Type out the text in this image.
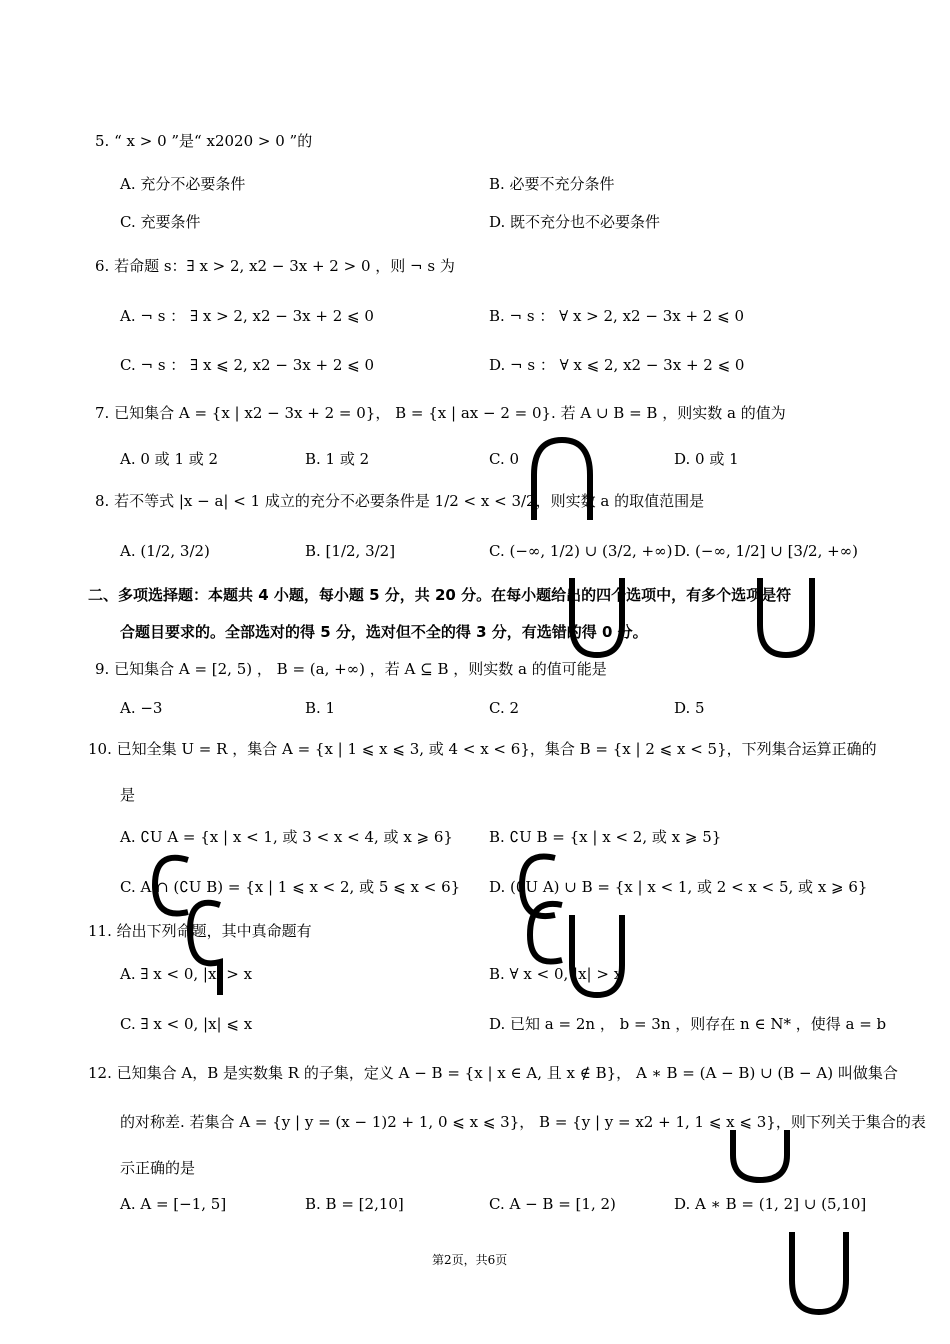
5. “ x > 0 ”是“ x2020 > 0 ”的
A. 充分不必要条件	B. 必要不充分条件
C. 充要条件	D. 既不充分也不必要条件
6. 若命题 s：∃ x > 2, x2 − 3x + 2 > 0 ，则 ¬ s 为
A. ¬ s ： ∃ x > 2, x2 − 3x + 2 ⩽ 0	B. ¬ s ： ∀ x > 2, x2 − 3x + 2 ⩽ 0
C. ¬ s ： ∃ x ⩽ 2, x2 − 3x + 2 ⩽ 0	D. ¬ s ： ∀ x ⩽ 2, x2 − 3x + 2 ⩽ 0
7. 已知集合 A = {x | x2 − 3x + 2 = 0}， B = {x | ax − 2 = 0}. 若 A ∪ B = B ，则实数 a 的值为
A. 0 或 1 或 2	B. 1 或 2	C. 0	D. 0 或 1
8. 若不等式 |x − a| < 1 成立的充分不必要条件是 1/2 < x < 3/2，则实数 a 的取值范围是
A. (1/2, 3/2)	B. [1/2, 3/2]	C. (−∞, 1/2) ∪ (3/2, +∞) D. (−∞, 1/2] ∪ [3/2, +∞)
二、多项选择题：本题共 4 小题，每小题 5 分，共 20 分。在每小题给出的四个选项中，有多个选项是符
合题目要求的。全部选对的得 5 分，选对但不全的得 3 分，有选错的得 0 分。
9. 已知集合 A = [2, 5) ， B = (a, +∞) ，若 A ⊆ B ，则实数 a 的值可能是
A. −3	B. 1	C. 2	D. 5
10. 已知全集 U = R ，集合 A = {x | 1 ⩽ x ⩽ 3, 或 4 < x < 6}，集合 B = {x | 2 ⩽ x < 5}，下列集合运算正确的
是
A. ∁U A = {x | x < 1, 或 3 < x < 4, 或 x ⩾ 6} B. ∁U B = {x | x < 2, 或 x ⩾ 5}
C. A ∩ (∁U B) = {x | 1 ⩽ x < 2, 或 5 ⩽ x < 6} D. (∁U A) ∪ B = {x | x < 1, 或 2 < x < 5, 或 x ⩾ 6}
11. 给出下列命题，其中真命题有
A. ∃ x < 0, |x| > x	B. ∀ x < 0, |x| > x
C. ∃ x < 0, |x| ⩽ x	D. 已知 a = 2n ， b = 3n ，则存在 n ∈ N* ，使得 a = b
12. 已知集合 A，B 是实数集 R 的子集，定义 A − B = {x | x ∈ A, 且 x ∉ B}， A ∗ B = (A − B) ∪ (B − A) 叫做集合
的对称差. 若集合 A = {y | y = (x − 1)2 + 1, 0 ⩽ x ⩽ 3}， B = {y | y = x2 + 1, 1 ⩽ x ⩽ 3}，则下列关于集合的表
示正确的是
A. A = [−1, 5]	B. B = [2,10]	C. A − B = [1, 2)	D. A ∗ B = (1, 2] ∪ (5,10]
第2页，共6页
